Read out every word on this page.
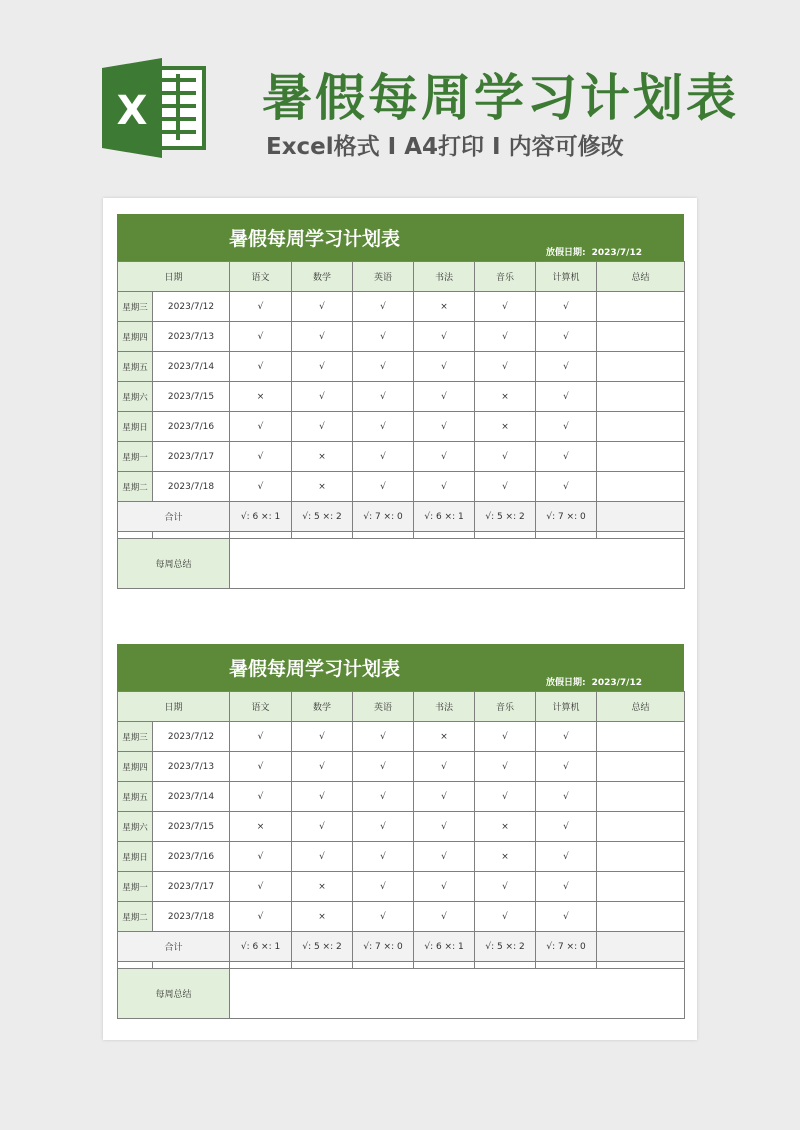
X 暑假每周学习计划表
Excel格式 I A4打印 I 内容可修改
暑假每周学习计划表
放假日期: 2023/7/12
日期		语文	数学	英语	书法	音乐	计算机	总结
星期三	2023/7/12	√	√	√	×	√	√	
星期四	2023/7/13	√	√	√	√	√	√	
星期五	2023/7/14	√	√	√	√	√	√	
星期六	2023/7/15	×	√	√	√	×	√	
星期日	2023/7/16	√	√	√	√	×	√	
星期一	2023/7/17	√	×	√	√	√	√	
星期二	2023/7/18	√	×	√	√	√	√	
合计		√: 6 ×: 1	√: 5 ×: 2	√: 7 ×: 0	√: 6 ×: 1	√: 5 ×: 2	√: 7 ×: 0	

每周总结								
暑假每周学习计划表
放假日期: 2023/7/12
日期		语文	数学	英语	书法	音乐	计算机	总结
星期三	2023/7/12	√	√	√	×	√	√	
星期四	2023/7/13	√	√	√	√	√	√	
星期五	2023/7/14	√	√	√	√	√	√	
星期六	2023/7/15	×	√	√	√	×	√	
星期日	2023/7/16	√	√	√	√	×	√	
星期一	2023/7/17	√	×	√	√	√	√	
星期二	2023/7/18	√	×	√	√	√	√	
合计		√: 6 ×: 1	√: 5 ×: 2	√: 7 ×: 0	√: 6 ×: 1	√: 5 ×: 2	√: 7 ×: 0	

每周总结								
